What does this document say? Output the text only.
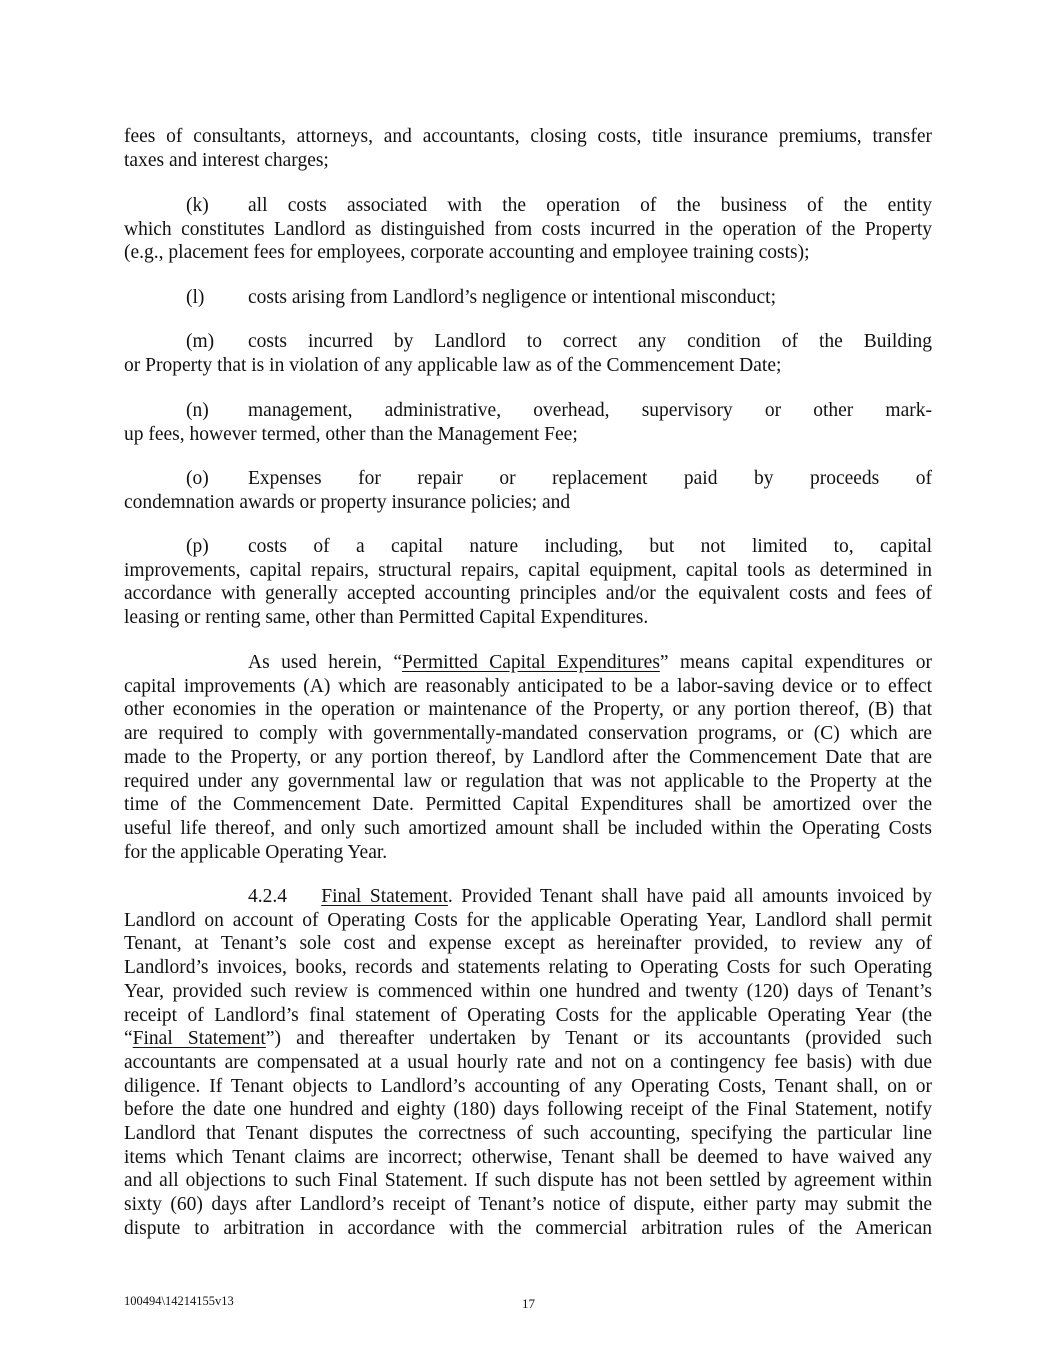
fees of consultants, attorneys, and accountants, closing costs, title insurance premiums, transfer
taxes and interest charges;
(k) all costs associated with the operation of the business of the entity
which constitutes Landlord as distinguished from costs incurred in the operation of the Property
(e.g., placement fees for employees, corporate accounting and employee training costs);
(l) costs arising from Landlord’s negligence or intentional misconduct;
(m) costs incurred by Landlord to correct any condition of the Building
or Property that is in violation of any applicable law as of the Commencement Date;
(n) management, administrative, overhead, supervisory or other mark-
up fees, however termed, other than the Management Fee;
(o) Expenses for repair or replacement paid by proceeds of
condemnation awards or property insurance policies; and
(p) costs of a capital nature including, but not limited to, capital
improvements, capital repairs, structural repairs, capital equipment, capital tools as determined in
accordance with generally accepted accounting principles and/or the equivalent costs and fees of
leasing or renting same, other than Permitted Capital Expenditures.
As used herein, “Permitted Capital Expenditures” means capital expenditures or
capital improvements (A) which are reasonably anticipated to be a labor-saving device or to effect
other economies in the operation or maintenance of the Property, or any portion thereof, (B) that
are required to comply with governmentally-mandated conservation programs, or (C) which are
made to the Property, or any portion thereof, by Landlord after the Commencement Date that are
required under any governmental law or regulation that was not applicable to the Property at the
time of the Commencement Date. Permitted Capital Expenditures shall be amortized over the
useful life thereof, and only such amortized amount shall be included within the Operating Costs
for the applicable Operating Year.
4.2.4 Final Statement. Provided Tenant shall have paid all amounts invoiced by
Landlord on account of Operating Costs for the applicable Operating Year, Landlord shall permit
Tenant, at Tenant’s sole cost and expense except as hereinafter provided, to review any of
Landlord’s invoices, books, records and statements relating to Operating Costs for such Operating
Year, provided such review is commenced within one hundred and twenty (120) days of Tenant’s
receipt of Landlord’s final statement of Operating Costs for the applicable Operating Year (the
“Final Statement”) and thereafter undertaken by Tenant or its accountants (provided such
accountants are compensated at a usual hourly rate and not on a contingency fee basis) with due
diligence. If Tenant objects to Landlord’s accounting of any Operating Costs, Tenant shall, on or
before the date one hundred and eighty (180) days following receipt of the Final Statement, notify
Landlord that Tenant disputes the correctness of such accounting, specifying the particular line
items which Tenant claims are incorrect; otherwise, Tenant shall be deemed to have waived any
and all objections to such Final Statement. If such dispute has not been settled by agreement within
sixty (60) days after Landlord’s receipt of Tenant’s notice of dispute, either party may submit the
dispute to arbitration in accordance with the commercial arbitration rules of the American
100494\14214155v13	17
